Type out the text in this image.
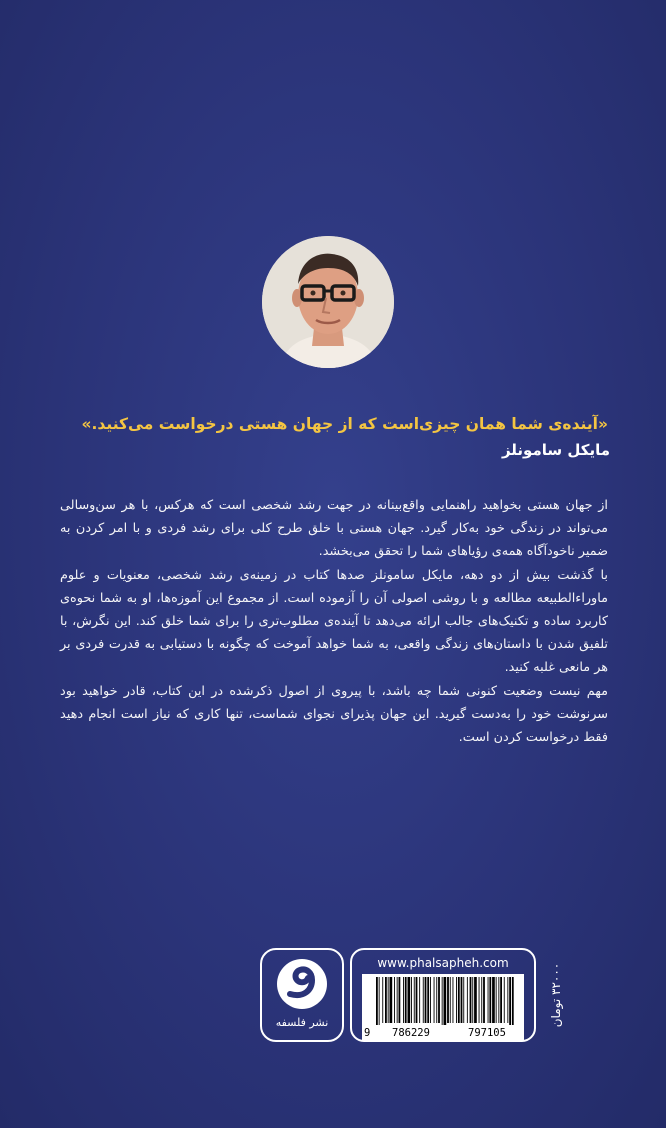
«آینده‌ی شما همان چیزی‌است که از جهان هستی درخواست می‌کنید.»
مایکل سامونلز

از جهان هستی بخواهید راهنمایی واقع‌بینانه در جهت رشد شخصی است که هرکس، با هر سن‌وسالی می‌تواند در زندگی خود به‌کار گیرد. جهان هستی با خلق طرح کلی برای رشد فردی و با امر کردن به ضمیر ناخودآگاه همه‌ی رؤیاهای شما را تحقق می‌بخشد.

با گذشت بیش از دو دهه، مایکل سامونلز صدها کتاب در زمینه‌ی رشد شخصی، معنویات و علوم ماوراءالطبیعه مطالعه و با روشی اصولی آن را آزموده است. از مجموع این آموزه‌ها، او به شما نحوه‌ی کاربرد ساده و تکنیک‌های جالب ارائه می‌دهد تا آینده‌ی مطلوب‌تری را برای شما خلق کند. این نگرش، با تلفیق شدن با داستان‌های زندگی واقعی، به شما خواهد آموخت که چگونه با دستیابی به قدرت فردی بر هر مانعی غلبه کنید.

مهم نیست وضعیت کنونی شما چه باشد، با پیروی از اصول ذکرشده در این کتاب، قادر خواهید بود سرنوشت خود را به‌دست گیرید. این جهان پذیرای نجوای شماست، تنها کاری که نیاز است انجام دهید فقط درخواست کردن است.

نشر فلسفه
www.phalsapheh.com
9 786229	797105
۳۲۰۰۰ تومان
